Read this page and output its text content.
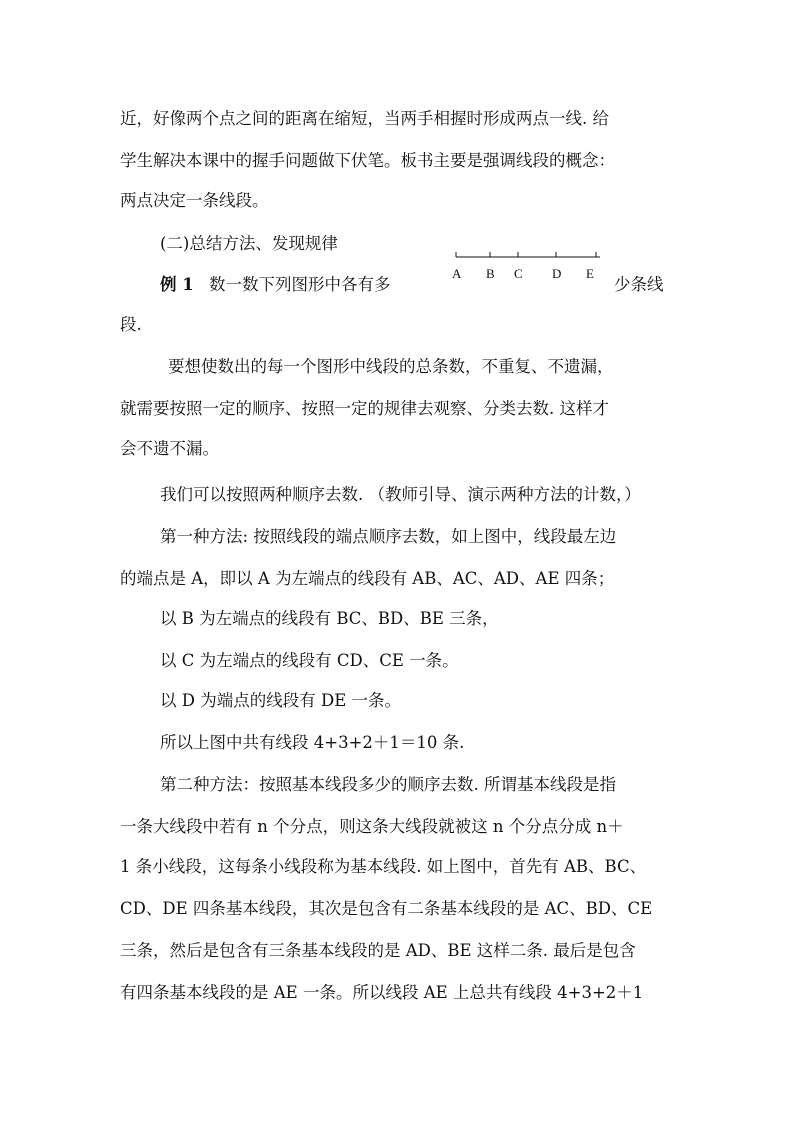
近，好像两个点之间的距离在缩短，当两手相握时形成两点一线. 给
学生解决本课中的握手问题做下伏笔。板书主要是强调线段的概念：
两点决定一条线段。
(二)总结方法、发现规律
例 1 数一数下列图形中各有多
A B C D E
少条线
段.
要想使数出的每一个图形中线段的总条数，不重复、不遗漏，
就需要按照一定的顺序、按照一定的规律去观察、分类去数. 这样才
会不遗不漏。
我们可以按照两种顺序去数. （教师引导、演示两种方法的计数，）
第一种方法: 按照线段的端点顺序去数，如上图中，线段最左边
的端点是 A，即以 A 为左端点的线段有 AB、AC、AD、AE 四条；
以 B 为左端点的线段有 BC、BD、BE 三条，
以 C 为左端点的线段有 CD、CE 一条。
以 D 为端点的线段有 DE 一条。
所以上图中共有线段 4+3+2＋1＝10 条.
第二种方法：按照基本线段多少的顺序去数. 所谓基本线段是指
一条大线段中若有 n 个分点，则这条大线段就被这 n 个分点分成 n＋
1 条小线段，这每条小线段称为基本线段. 如上图中，首先有 AB、BC、
CD、DE 四条基本线段，其次是包含有二条基本线段的是 AC、BD、CE
三条，然后是包含有三条基本线段的是 AD、BE 这样二条. 最后是包含
有四条基本线段的是 AE 一条。所以线段 AE 上总共有线段 4+3+2＋1
